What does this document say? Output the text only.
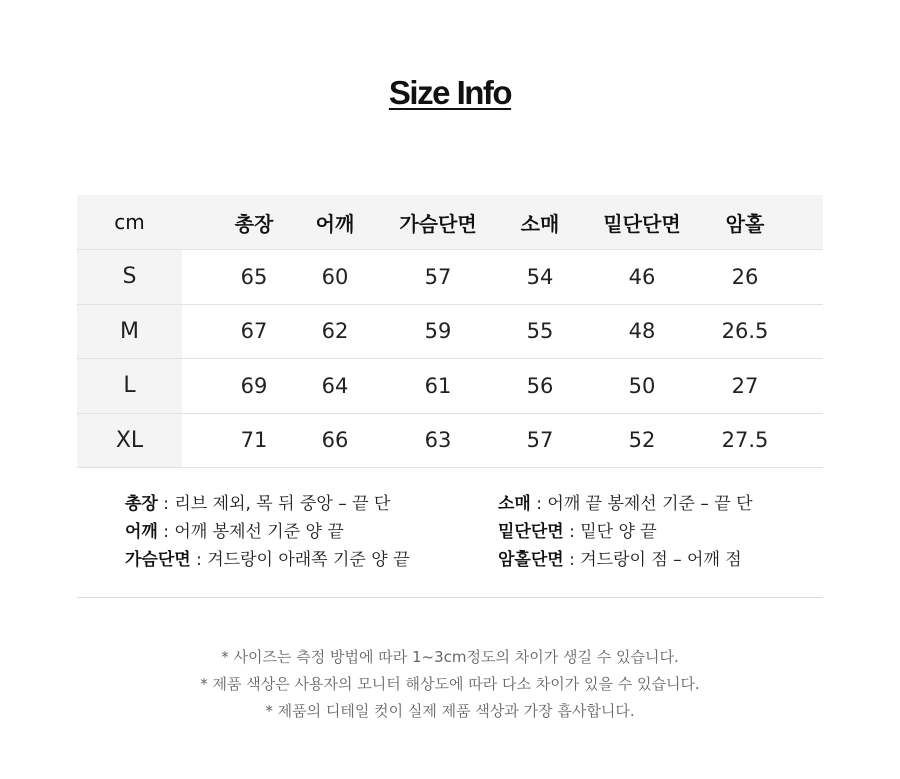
Size Info
cm	총장	어깨	가슴단면	소매	밑단단면	암홀
S	65	60	57	54	46	26
M	67	62	59	55	48	26.5
L	69	64	61	56	50	27
XL	71	66	63	57	52	27.5
총장 : 리브 제외, 목 뒤 중앙 – 끝 단
어깨 : 어깨 봉제선 기준 양 끝
가슴단면 : 겨드랑이 아래쪽 기준 양 끝
소매 : 어깨 끝 봉제선 기준 – 끝 단
밑단단면 : 밑단 양 끝
암홀단면 : 겨드랑이 점 – 어깨 점
* 사이즈는 측정 방법에 따라 1~3cm정도의 차이가 생길 수 있습니다.
* 제품 색상은 사용자의 모니터 해상도에 따라 다소 차이가 있을 수 있습니다.
* 제품의 디테일 컷이 실제 제품 색상과 가장 흡사합니다.
